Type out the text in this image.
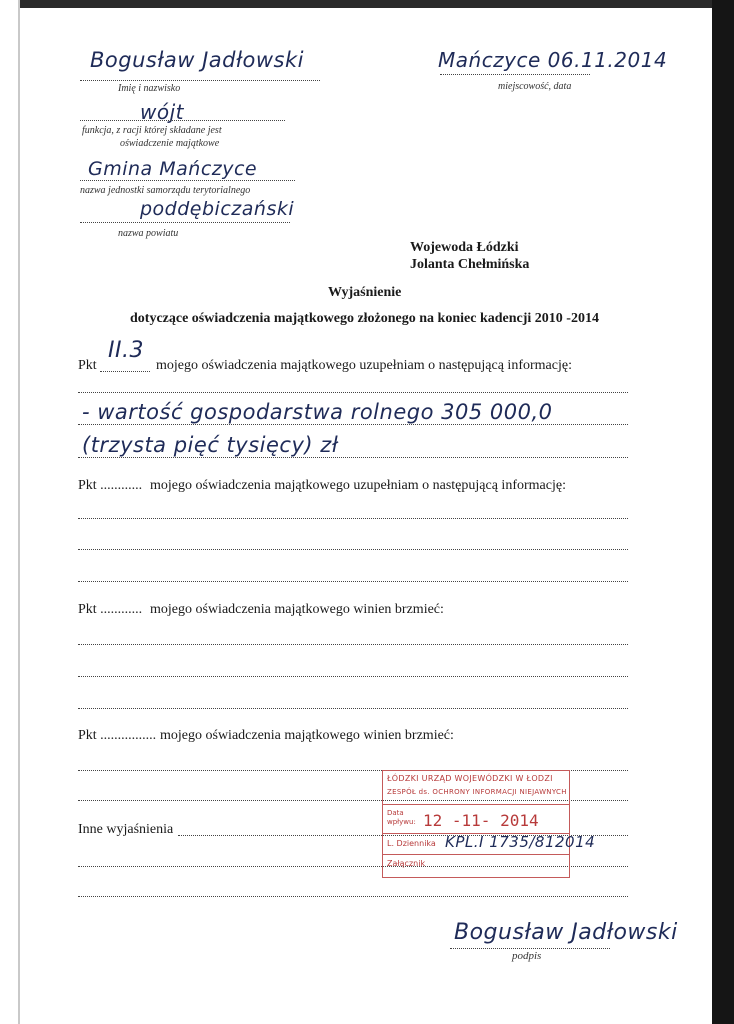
Bogusław Jadłowski
Imię i nazwisko
wójt
funkcja, z racji której składane jest
oświadczenie majątkowe
Gmina Mańczyce
nazwa jednostki samorządu terytorialnego
poddębiczański
nazwa powiatu
Mańczyce 06.11.2014
miejscowość, data
Wojewoda Łódzki
Jolanta Chełmińska
Wyjaśnienie
dotyczące oświadczenia majątkowego złożonego na koniec kadencji 2010 -2014
Pkt
II.3
mojego oświadczenia majątkowego uzupełniam o następującą informację:
- wartość gospodarstwa rolnego 305 000,0
(trzysta pięć tysięcy) zł
Pkt ............ mojego oświadczenia majątkowego uzupełniam o następującą informację:
Pkt ............ mojego oświadczenia majątkowego winien brzmieć:
Pkt ................ mojego oświadczenia majątkowego winien brzmieć:
Inne wyjaśnienia
ŁÓDZKI URZĄD WOJEWÓDZKI W ŁODZI
ZESPÓŁ ds. OCHRONY INFORMACJI NIEJAWNYCH
Data
wpływu: 12 -11- 2014
L. Dziennika KPL.I 1735/812014
Załącznik
Bogusław Jadłowski
podpis
